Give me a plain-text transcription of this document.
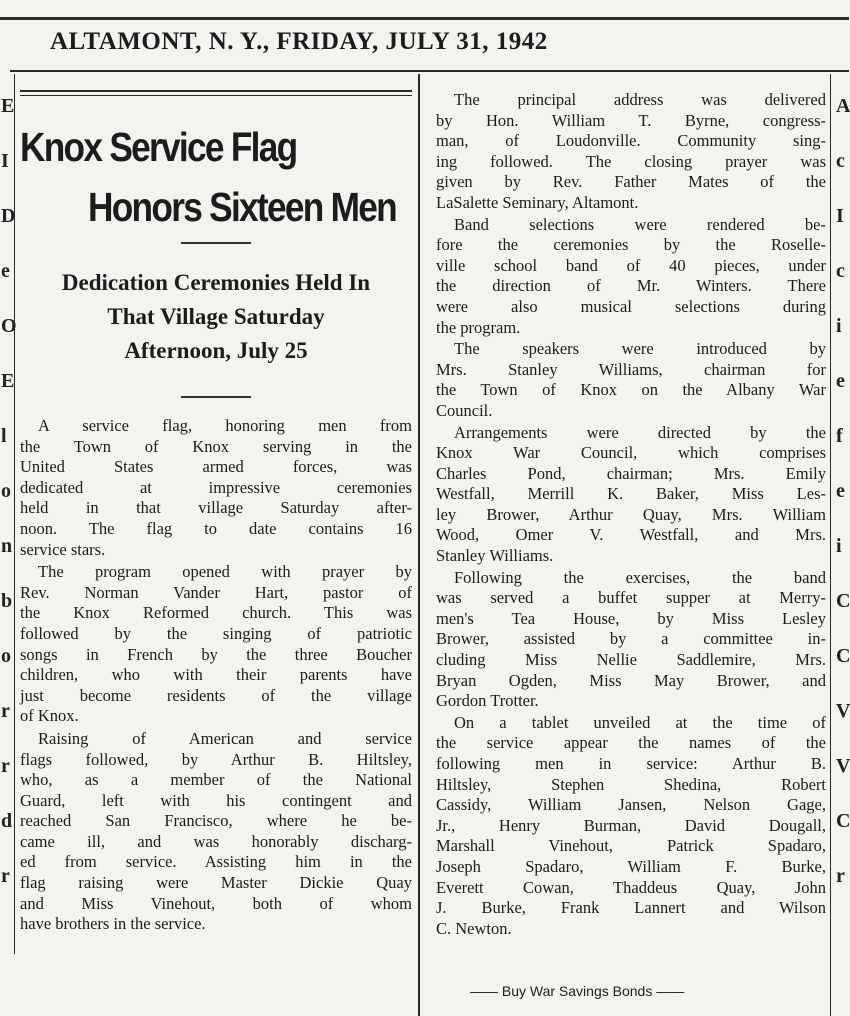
ALTAMONT, N. Y., FRIDAY, JULY 31, 1942
Knox Service Flag
Honors Sixteen Men
Dedication Ceremonies Held In
That Village Saturday
Afternoon, July 25
A service flag, honoring men from
the Town of Knox serving in the
United States armed forces, was
dedicated at impressive ceremonies
held in that village Saturday after-
noon. The flag to date contains 16
service stars.
The program opened with prayer by
Rev. Norman Vander Hart, pastor of
the Knox Reformed church. This was
followed by the singing of patriotic
songs in French by the three Boucher
children, who with their parents have
just become residents of the village
of Knox.
Raising of American and service
flags followed, by Arthur B. Hiltsley,
who, as a member of the National
Guard, left with his contingent and
reached San Francisco, where he be-
came ill, and was honorably discharg-
ed from service. Assisting him in the
flag raising were Master Dickie Quay
and Miss Vinehout, both of whom
have brothers in the service.
The principal address was delivered
by Hon. William T. Byrne, congress-
man, of Loudonville. Community sing-
ing followed. The closing prayer was
given by Rev. Father Mates of the
LaSalette Seminary, Altamont.
Band selections were rendered be-
fore the ceremonies by the Roselle-
ville school band of 40 pieces, under
the direction of Mr. Winters. There
were also musical selections during
the program.
The speakers were introduced by
Mrs. Stanley Williams, chairman for
the Town of Knox on the Albany War
Council.
Arrangements were directed by the
Knox War Council, which comprises
Charles Pond, chairman; Mrs. Emily
Westfall, Merrill K. Baker, Miss Les-
ley Brower, Arthur Quay, Mrs. William
Wood, Omer V. Westfall, and Mrs.
Stanley Williams.
Following the exercises, the band
was served a buffet supper at Merry-
men's Tea House, by Miss Lesley
Brower, assisted by a committee in-
cluding Miss Nellie Saddlemire, Mrs.
Bryan Ogden, Miss May Brower, and
Gordon Trotter.
On a tablet unveiled at the time of
the service appear the names of the
following men in service: Arthur B.
Hiltsley, Stephen Shedina, Robert
Cassidy, William Jansen, Nelson Gage,
Jr., Henry Burman, David Dougall,
Marshall Vinehout, Patrick Spadaro,
Joseph Spadaro, William F. Burke,
Everett Cowan, Thaddeus Quay, John
J. Burke, Frank Lannert and Wilson
C. Newton.
—— Buy War Savings Bonds ——
E
I
D
e
O
E
l
o
n
b
o
r
r
d
r
A
c
I
c
i
e
f
e
i
C
C
V
V
C
r
